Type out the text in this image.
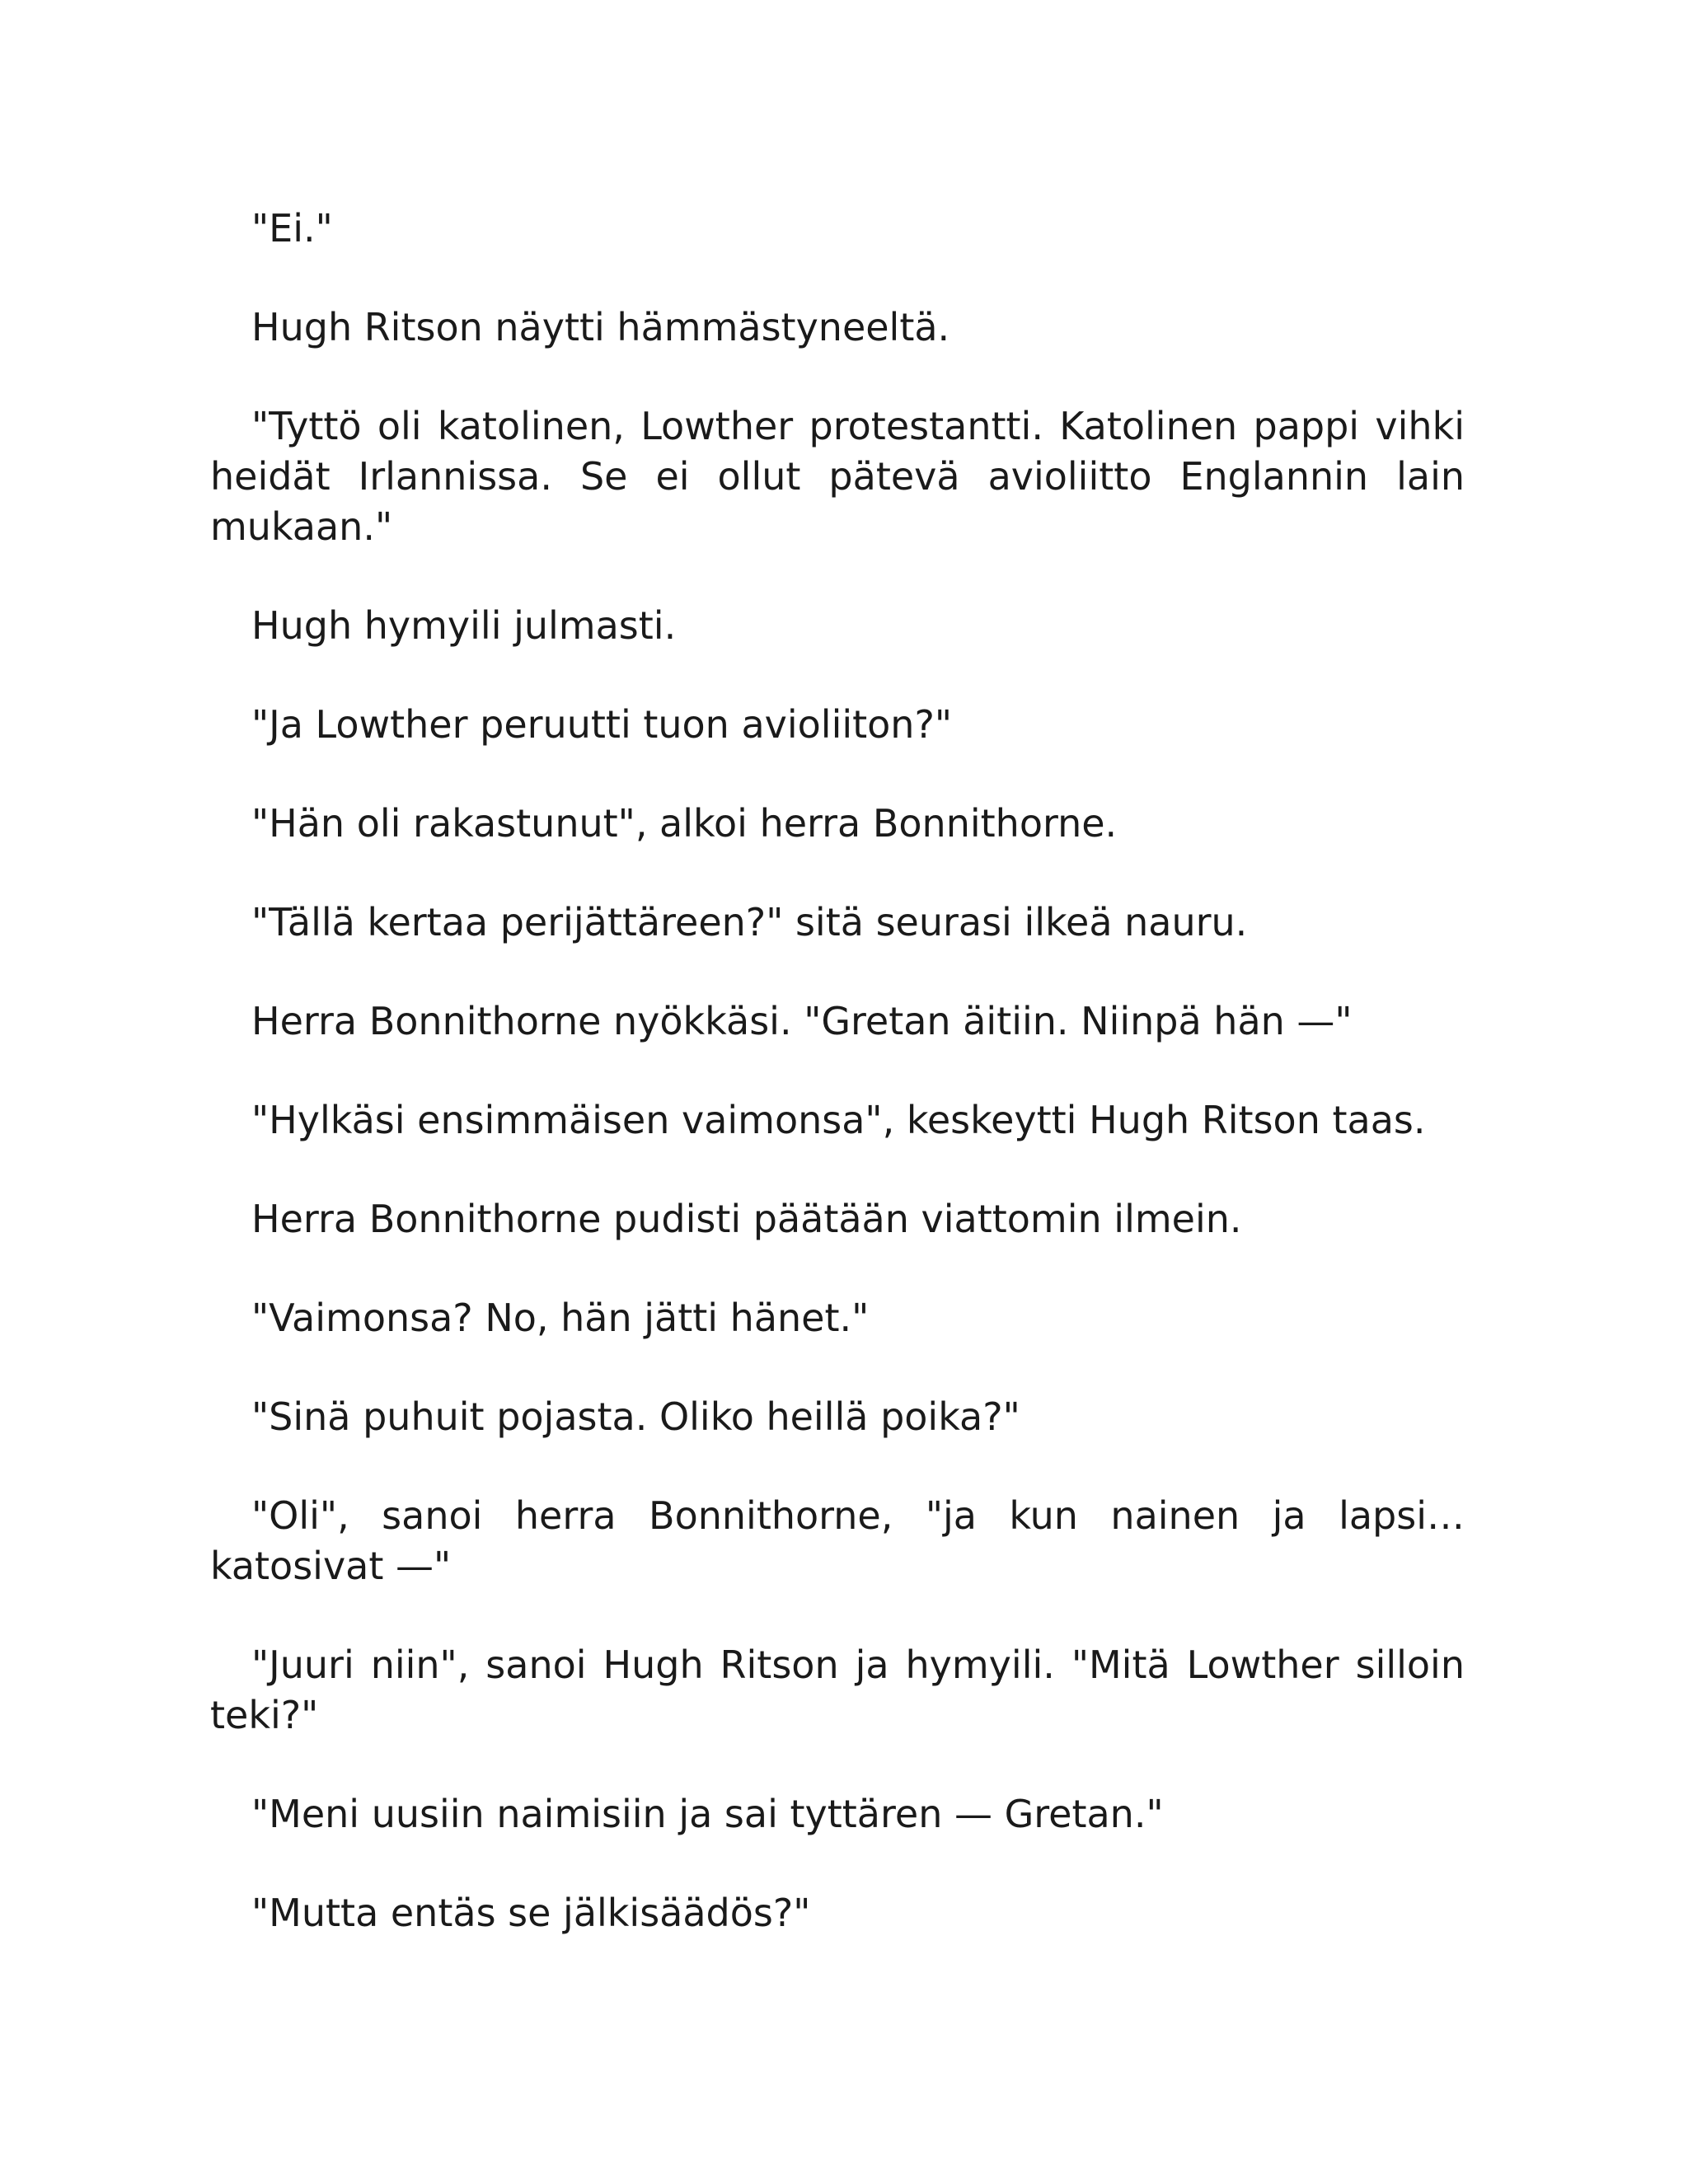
"Ei."

Hugh Ritson näytti hämmästyneeltä.

"Tyttö oli katolinen, Lowther protestantti. Katolinen pappi vihki heidät Irlannissa. Se ei ollut pätevä avioliitto Englannin lain mukaan."

Hugh hymyili julmasti.

"Ja Lowther peruutti tuon avioliiton?"

"Hän oli rakastunut", alkoi herra Bonnithorne.

"Tällä kertaa perijättäreen?" sitä seurasi ilkeä nauru.

Herra Bonnithorne nyökkäsi. "Gretan äitiin. Niinpä hän —"

"Hylkäsi ensimmäisen vaimonsa", keskeytti Hugh Ritson taas.

Herra Bonnithorne pudisti päätään viattomin ilmein.

"Vaimonsa? No, hän jätti hänet."

"Sinä puhuit pojasta. Oliko heillä poika?"

"Oli", sanoi herra Bonnithorne, "ja kun nainen ja lapsi… katosivat —"

"Juuri niin", sanoi Hugh Ritson ja hymyili. "Mitä Lowther silloin teki?"

"Meni uusiin naimisiin ja sai tyttären — Gretan."

"Mutta entäs se jälkisäädös?"
